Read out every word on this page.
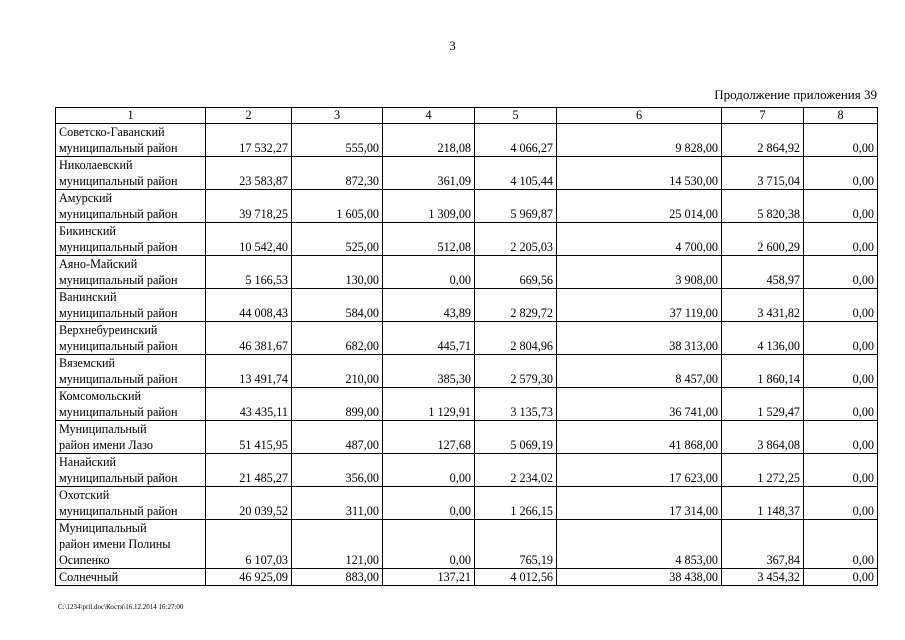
3
Продолжение приложения 39
1	2	3	4	5	6	7	8

Советско-Гаванский
муниципальный район	17 532,27	555,00	218,08	4 066,27	9 828,00	2 864,92	0,00

Николаевский
муниципальный район	23 583,87	872,30	361,09	4 105,44	14 530,00	3 715,04	0,00

Амурский
муниципальный район	39 718,25	1 605,00	1 309,00	5 969,87	25 014,00	5 820,38	0,00

Бикинский
муниципальный район	10 542,40	525,00	512,08	2 205,03	4 700,00	2 600,29	0,00

Аяно-Майский
муниципальный район	5 166,53	130,00	0,00	669,56	3 908,00	458,97	0,00

Ванинский
муниципальный район	44 008,43	584,00	43,89	2 829,72	37 119,00	3 431,82	0,00

Верхнебуреинский
муниципальный район	46 381,67	682,00	445,71	2 804,96	38 313,00	4 136,00	0,00

Вяземский
муниципальный район	13 491,74	210,00	385,30	2 579,30	8 457,00	1 860,14	0,00

Комсомольский
муниципальный район	43 435,11	899,00	1 129,91	3 135,73	36 741,00	1 529,47	0,00

Муниципальный
район имени Лазо	51 415,95	487,00	127,68	5 069,19	41 868,00	3 864,08	0,00

Нанайский
муниципальный район	21 485,27	356,00	0,00	2 234,02	17 623,00	1 272,25	0,00

Охотский
муниципальный район	20 039,52	311,00	0,00	1 266,15	17 314,00	1 148,37	0,00

Муниципальный
район имени Полины
Осипенко	6 107,03	121,00	0,00	765,19	4 853,00	367,84	0,00

Солнечный	46 925,09	883,00	137,21	4 012,56	38 438,00	3 454,32	0,00
C:\1234\pril.doc\Костя\16.12.2014 16:27:00
